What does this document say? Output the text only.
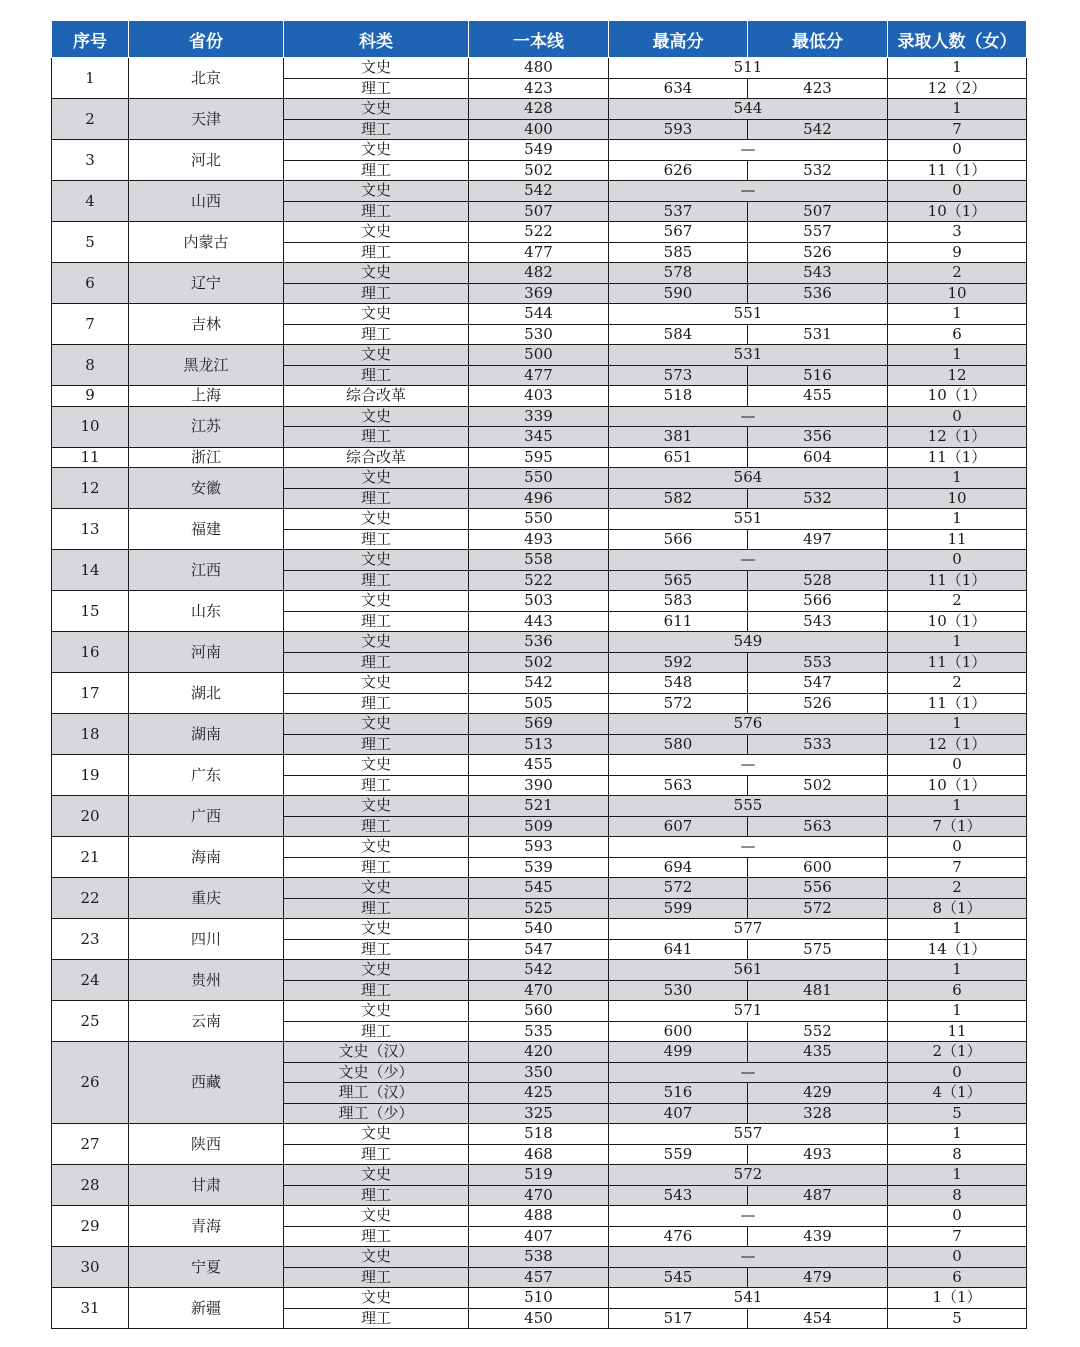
序号	省份	科类	一本线	最高分	最低分	录取人数（女）
1	北京	文史	480	511		1
		理工	423	634	423	12（2）
2	天津	文史	428	544		1
		理工	400	593	542	7
3	河北	文史	549	—		0
		理工	502	626	532	11（1）
4	山西	文史	542	—		0
		理工	507	537	507	10（1）
5	内蒙古	文史	522	567	557	3
		理工	477	585	526	9
6	辽宁	文史	482	578	543	2
		理工	369	590	536	10
7	吉林	文史	544	551		1
		理工	530	584	531	6
8	黑龙江	文史	500	531		1
		理工	477	573	516	12
9	上海	综合改革	403	518	455	10（1）
10	江苏	文史	339	—		0
		理工	345	381	356	12（1）
11	浙江	综合改革	595	651	604	11（1）
12	安徽	文史	550	564		1
		理工	496	582	532	10
13	福建	文史	550	551		1
		理工	493	566	497	11
14	江西	文史	558	—		0
		理工	522	565	528	11（1）
15	山东	文史	503	583	566	2
		理工	443	611	543	10（1）
16	河南	文史	536	549		1
		理工	502	592	553	11（1）
17	湖北	文史	542	548	547	2
		理工	505	572	526	11（1）
18	湖南	文史	569	576		1
		理工	513	580	533	12（1）
19	广东	文史	455	—		0
		理工	390	563	502	10（1）
20	广西	文史	521	555		1
		理工	509	607	563	7（1）
21	海南	文史	593	—		0
		理工	539	694	600	7
22	重庆	文史	545	572	556	2
		理工	525	599	572	8（1）
23	四川	文史	540	577		1
		理工	547	641	575	14（1）
24	贵州	文史	542	561		1
		理工	470	530	481	6
25	云南	文史	560	571		1
		理工	535	600	552	11
26	西藏	文史（汉）	420	499	435	2（1）
		文史（少）	350	—		0
		理工（汉）	425	516	429	4（1）
		理工（少）	325	407	328	5
27	陕西	文史	518	557		1
		理工	468	559	493	8
28	甘肃	文史	519	572		1
		理工	470	543	487	8
29	青海	文史	488	—		0
		理工	407	476	439	7
30	宁夏	文史	538	—		0
		理工	457	545	479	6
31	新疆	文史	510	541		1（1）
		理工	450	517	454	5
